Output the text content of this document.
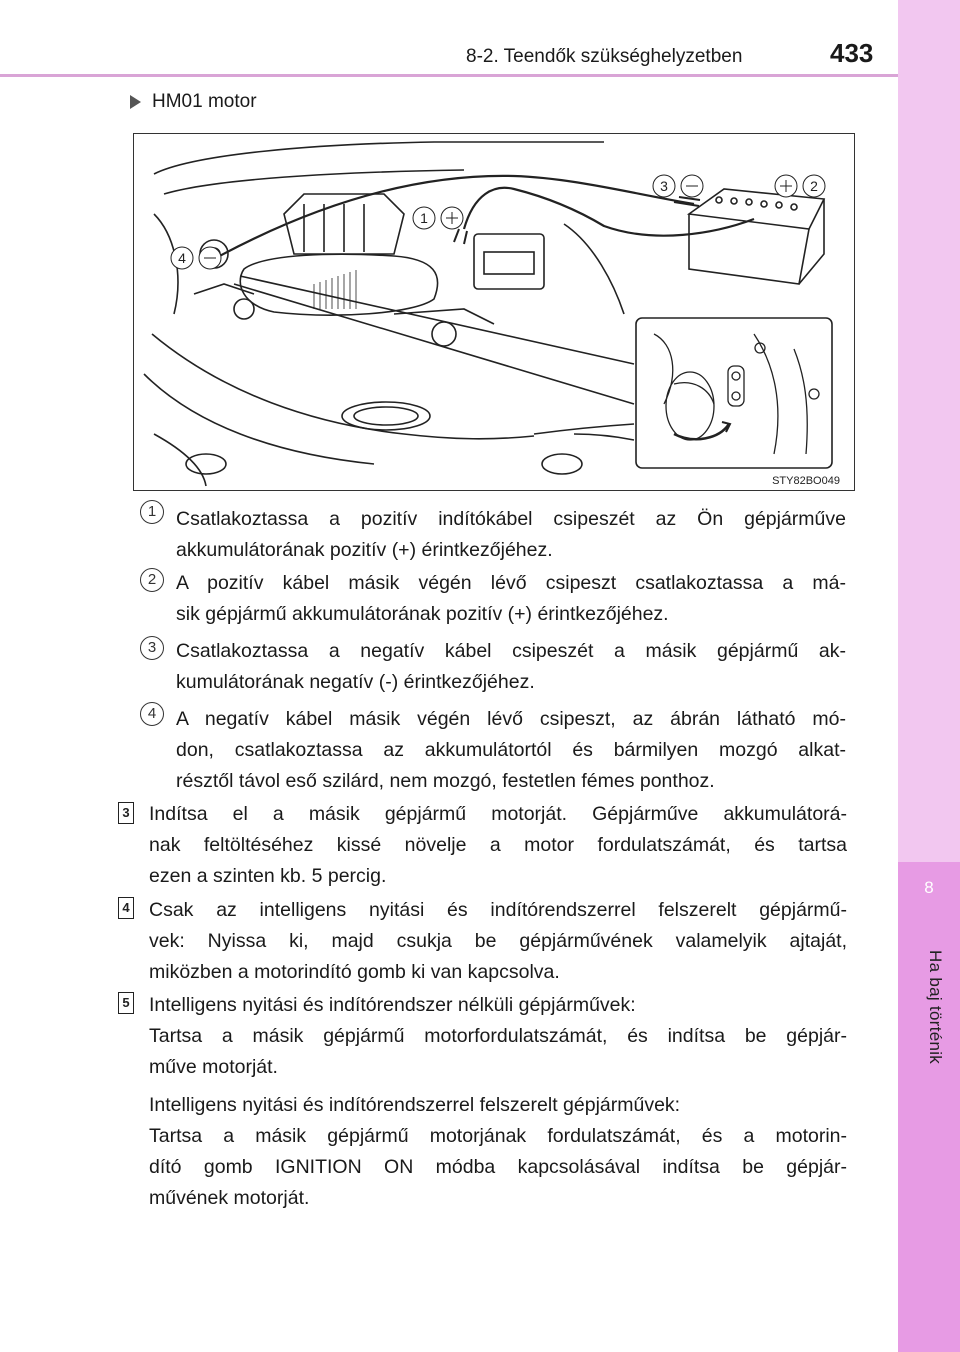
8
Ha baj történik
8-2. Teendők szükséghelyzetben	433
HM01 motor
1
2
3
4
STY82BO049
1	Csatlakoztassa a pozitív indítókábel csipeszét az Ön gépjárműve
akkumulátorának pozitív (+) érintkezőjéhez.
2	A pozitív kábel másik végén lévő csipeszt csatlakoztassa a má-
sik gépjármű akkumulátorának pozitív (+) érintkezőjéhez.
3	Csatlakoztassa a negatív kábel csipeszét a másik gépjármű ak-
kumulátorának negatív (-) érintkezőjéhez.
4	A negatív kábel másik végén lévő csipeszt, az ábrán látható mó-
don, csatlakoztassa az akkumulátortól és bármilyen mozgó alkat-
résztől távol eső szilárd, nem mozgó, festetlen fémes ponthoz.
3 Indítsa el a másik gépjármű motorját. Gépjárműve akkumulátorá-
nak feltöltéséhez kissé növelje a motor fordulatszámát, és tartsa
ezen a szinten kb. 5 percig.
4 Csak az intelligens nyitási és indítórendszerrel felszerelt gépjármű-
vek: Nyissa ki, majd csukja be gépjárművének valamelyik ajtaját,
miközben a motorindító gomb ki van kapcsolva.
5 Intelligens nyitási és indítórendszer nélküli gépjárművek:
Tartsa a másik gépjármű motorfordulatszámát, és indítsa be gépjár-
műve motorját.
Intelligens nyitási és indítórendszerrel felszerelt gépjárművek:
Tartsa a másik gépjármű motorjának fordulatszámát, és a motorin-
dító gomb IGNITION ON módba kapcsolásával indítsa be gépjár-
művének motorját.
